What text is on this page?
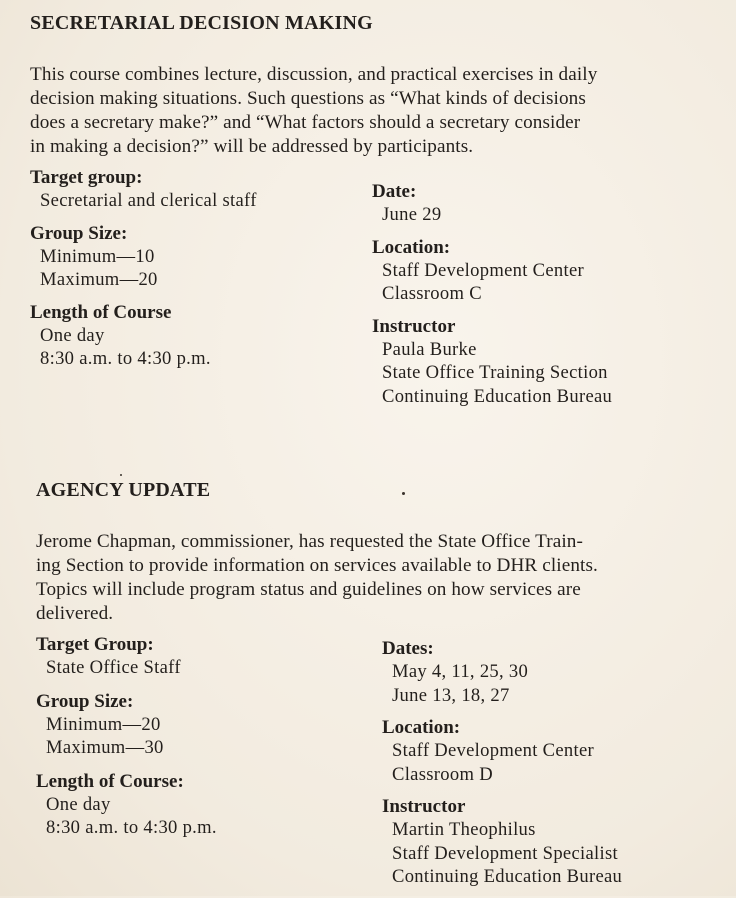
SECRETARIAL DECISION MAKING

This course combines lecture, discussion, and practical exercises in daily
decision making situations. Such questions as “What kinds of decisions
does a secretary make?” and “What factors should a secretary consider
in making a decision?” will be addressed by participants.

Target group:
Secretarial and clerical staff
Group Size:
Minimum—10
Maximum—20
Length of Course
One day
8:30 a.m. to 4:30 p.m.
Date:
June 29
Location:
Staff Development Center
Classroom C
Instructor
Paula Burke
State Office Training Section
Continuing Education Bureau
AGENCY UPDATE

Jerome Chapman, commissioner, has requested the State Office Train-
ing Section to provide information on services available to DHR clients.
Topics will include program status and guidelines on how services are
delivered.

Target Group:
State Office Staff
Group Size:
Minimum—20
Maximum—30
Length of Course:
One day
8:30 a.m. to 4:30 p.m.
Dates:
May 4, 11, 25, 30
June 13, 18, 27
Location:
Staff Development Center
Classroom D
Instructor
Martin Theophilus
Staff Development Specialist
Continuing Education Bureau
